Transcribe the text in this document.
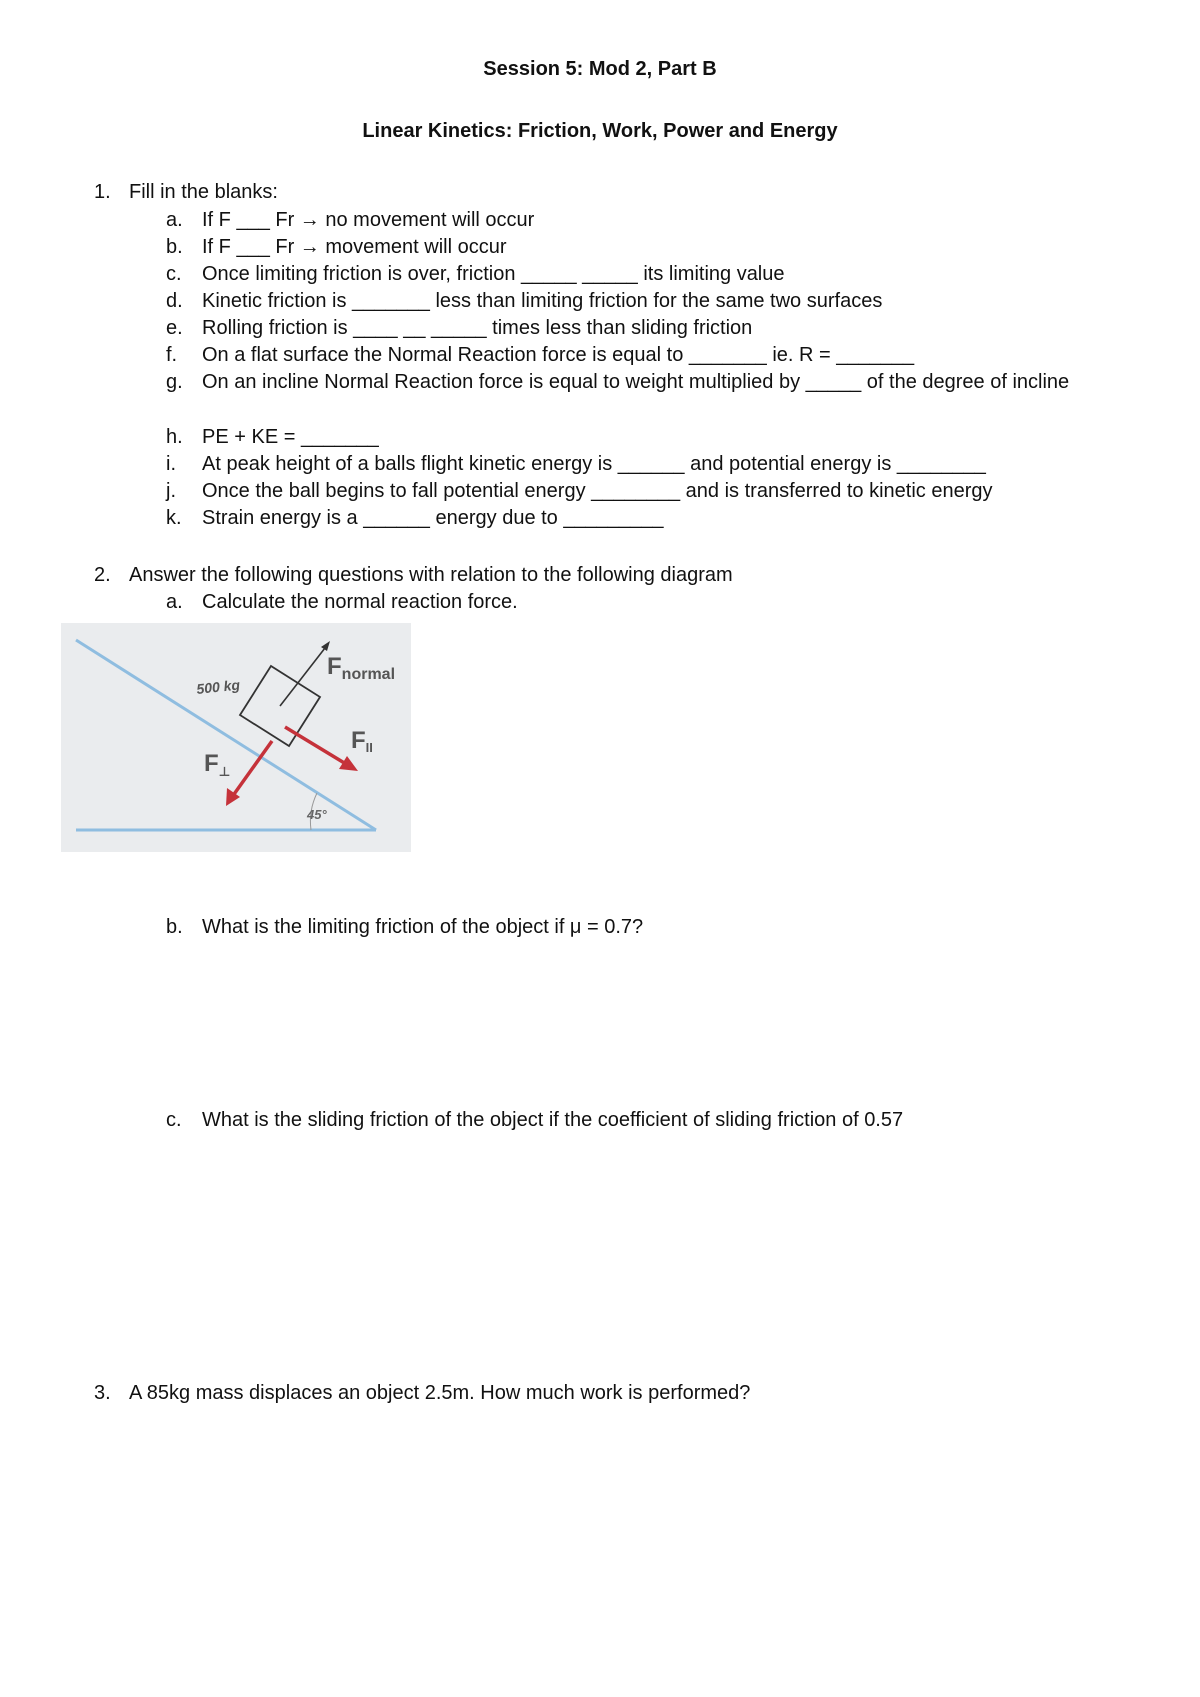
Session 5: Mod 2, Part B
Linear Kinetics: Friction, Work, Power and Energy
1. Fill in the blanks:
a. If F ___ Fr → no movement will occur
b. If F ___ Fr → movement will occur
c. Once limiting friction is over, friction _____ _____ its limiting value
d. Kinetic friction is _______ less than limiting friction for the same two surfaces
e. Rolling friction is ____ __ _____ times less than sliding friction
f. On a flat surface the Normal Reaction force is equal to _______ ie. R = _______
g. On an incline Normal Reaction force is equal to weight multiplied by _____ of the degree of incline
h. PE + KE = _______
i. At peak height of a balls flight kinetic energy is ______ and potential energy is ________
j. Once the ball begins to fall potential energy ________ and is transferred to kinetic energy
k. Strain energy is a ______ energy due to _________
2. Answer the following questions with relation to the following diagram
a. Calculate the normal reaction force.
45°
500 kg
Fnormal
$F_{II}$
$F_\perp$
b. What is the limiting friction of the object if μ = 0.7?
c. What is the sliding friction of the object if the coefficient of sliding friction of 0.57
3. A 85kg mass displaces an object 2.5m. How much work is performed?
